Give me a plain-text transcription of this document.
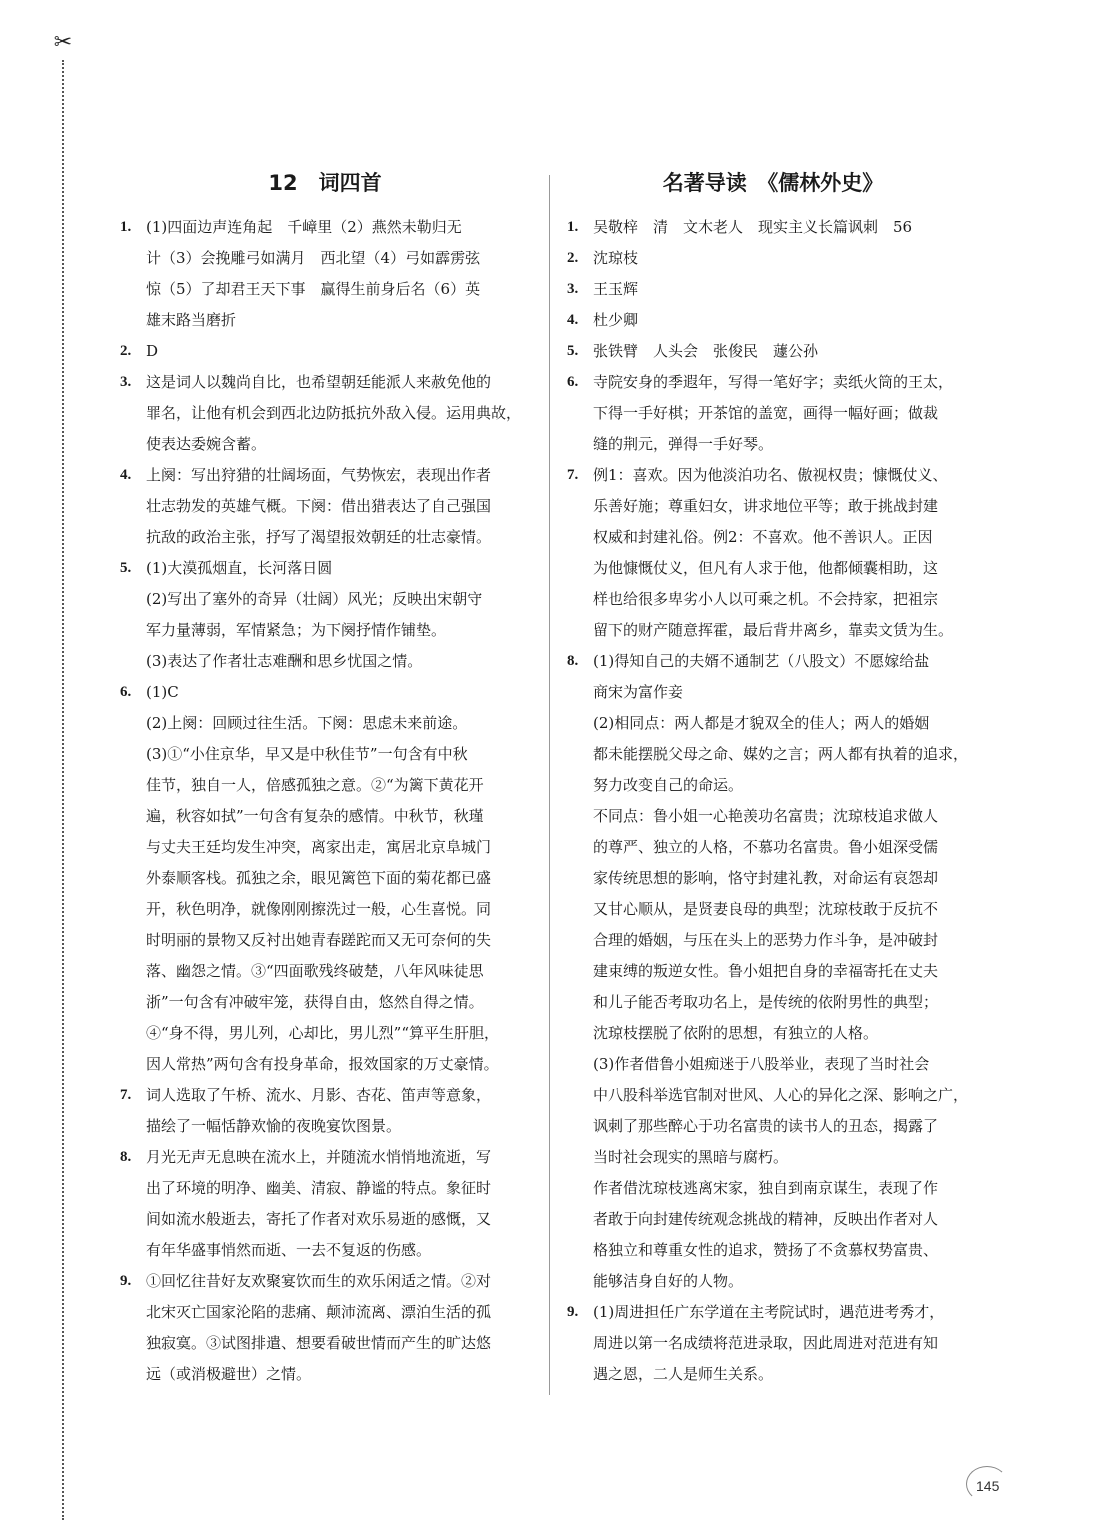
✂
12　词四首
1. (1)四面边声连角起　千嶂里（2）燕然未勒归无
计（3）会挽雕弓如满月　西北望（4）弓如霹雳弦
惊（5）了却君王天下事　赢得生前身后名（6）英
雄末路当磨折
2. D
3. 这是词人以魏尚自比，也希望朝廷能派人来赦免他的
罪名，让他有机会到西北边防抵抗外敌入侵。运用典故，
使表达委婉含蓄。
4. 上阕：写出狩猎的壮阔场面，气势恢宏，表现出作者
壮志勃发的英雄气概。下阕：借出猎表达了自己强国
抗敌的政治主张，抒写了渴望报效朝廷的壮志豪情。
5. (1)大漠孤烟直，长河落日圆
(2)写出了塞外的奇异（壮阔）风光；反映出宋朝守
军力量薄弱，军情紧急；为下阕抒情作铺垫。
(3)表达了作者壮志难酬和思乡忧国之情。
6. (1)C
(2)上阕：回顾过往生活。下阕：思虑未来前途。
(3)①“小住京华，早又是中秋佳节”一句含有中秋
佳节，独自一人，倍感孤独之意。②“为篱下黄花开
遍，秋容如拭”一句含有复杂的感情。中秋节，秋瑾
与丈夫王廷均发生冲突，离家出走，寓居北京阜城门
外泰顺客栈。孤独之余，眼见篱笆下面的菊花都已盛
开，秋色明净，就像刚刚擦洗过一般，心生喜悦。同
时明丽的景物又反衬出她青春蹉跎而又无可奈何的失
落、幽怨之情。③“四面歌残终破楚，八年风味徒思
浙”一句含有冲破牢笼，获得自由，悠然自得之情。
④“身不得，男儿列，心却比，男儿烈”“算平生肝胆，
因人常热”两句含有投身革命，报效国家的万丈豪情。
7. 词人选取了午桥、流水、月影、杏花、笛声等意象，
描绘了一幅恬静欢愉的夜晚宴饮图景。
8. 月光无声无息映在流水上，并随流水悄悄地流逝，写
出了环境的明净、幽美、清寂、静谧的特点。象征时
间如流水般逝去，寄托了作者对欢乐易逝的感慨，又
有年华盛事悄然而逝、一去不复返的伤感。
9. ①回忆往昔好友欢聚宴饮而生的欢乐闲适之情。②对
北宋灭亡国家沦陷的悲痛、颠沛流离、漂泊生活的孤
独寂寞。③试图排遣、想要看破世情而产生的旷达悠
远（或消极避世）之情。
名著导读　《儒林外史》
1. 吴敬梓　清　文木老人　现实主义长篇讽刺　56
2. 沈琼枝
3. 王玉辉
4. 杜少卿
5. 张铁臂　人头会　张俊民　蘧公孙
6. 寺院安身的季遐年，写得一笔好字；卖纸火筒的王太，
下得一手好棋；开茶馆的盖宽，画得一幅好画；做裁
缝的荆元，弹得一手好琴。
7. 例1：喜欢。因为他淡泊功名、傲视权贵；慷慨仗义、
乐善好施；尊重妇女，讲求地位平等；敢于挑战封建
权威和封建礼俗。例2：不喜欢。他不善识人。正因
为他慷慨仗义，但凡有人求于他，他都倾囊相助，这
样也给很多卑劣小人以可乘之机。不会持家，把祖宗
留下的财产随意挥霍，最后背井离乡，靠卖文赁为生。
8. (1)得知自己的夫婿不通制艺（八股文）不愿嫁给盐
商宋为富作妾
(2)相同点：两人都是才貌双全的佳人；两人的婚姻
都未能摆脱父母之命、媒妁之言；两人都有执着的追求，
努力改变自己的命运。
不同点：鲁小姐一心艳羡功名富贵；沈琼枝追求做人
的尊严、独立的人格，不慕功名富贵。鲁小姐深受儒
家传统思想的影响，恪守封建礼教，对命运有哀怨却
又甘心顺从，是贤妻良母的典型；沈琼枝敢于反抗不
合理的婚姻，与压在头上的恶势力作斗争，是冲破封
建束缚的叛逆女性。鲁小姐把自身的幸福寄托在丈夫
和儿子能否考取功名上，是传统的依附男性的典型；
沈琼枝摆脱了依附的思想，有独立的人格。
(3)作者借鲁小姐痴迷于八股举业，表现了当时社会
中八股科举选官制对世风、人心的异化之深、影响之广，
讽刺了那些醉心于功名富贵的读书人的丑态，揭露了
当时社会现实的黑暗与腐朽。
作者借沈琼枝逃离宋家，独自到南京谋生，表现了作
者敢于向封建传统观念挑战的精神，反映出作者对人
格独立和尊重女性的追求，赞扬了不贪慕权势富贵、
能够洁身自好的人物。
9. (1)周进担任广东学道在主考院试时，遇范进考秀才，
周进以第一名成绩将范进录取，因此周进对范进有知
遇之恩，二人是师生关系。
145
